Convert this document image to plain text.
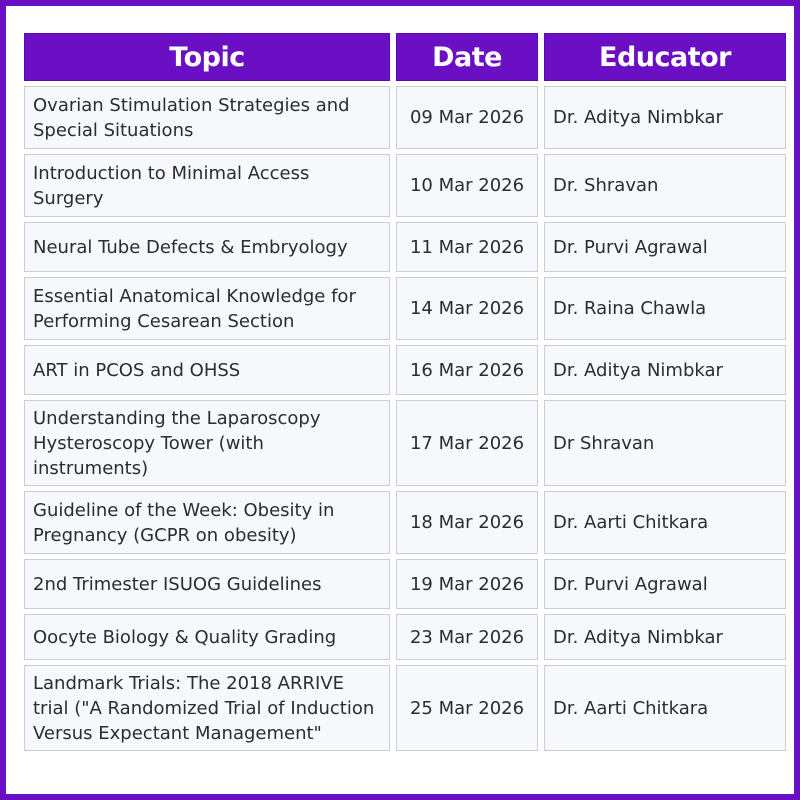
Topic	Date	Educator
Ovarian Stimulation Strategies and Special Situations	09 Mar 2026	Dr. Aditya Nimbkar
Introduction to Minimal Access Surgery	10 Mar 2026	Dr. Shravan
Neural Tube Defects & Embryology	11 Mar 2026	Dr. Purvi Agrawal
Essential Anatomical Knowledge for Performing Cesarean Section	14 Mar 2026	Dr. Raina Chawla
ART in PCOS and OHSS	16 Mar 2026	Dr. Aditya Nimbkar
Understanding the Laparoscopy Hysteroscopy Tower (with instruments)	17 Mar 2026	Dr Shravan
Guideline of the Week: Obesity in Pregnancy (GCPR on obesity)	18 Mar 2026	Dr. Aarti Chitkara
2nd Trimester ISUOG Guidelines	19 Mar 2026	Dr. Purvi Agrawal
Oocyte Biology & Quality Grading	23 Mar 2026	Dr. Aditya Nimbkar
Landmark Trials: The 2018 ARRIVE trial ("A Randomized Trial of Induction Versus Expectant Management"	25 Mar 2026	Dr. Aarti Chitkara
